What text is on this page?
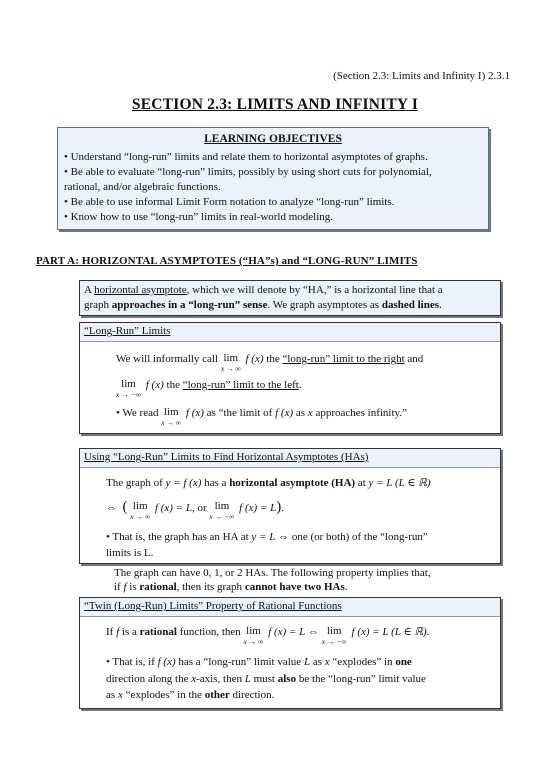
(Section 2.3: Limits and Infinity I) 2.3.1
SECTION 2.3: LIMITS AND INFINITY I
LEARNING OBJECTIVES
• Understand “long-run” limits and relate them to horizontal asymptotes of graphs.
• Be able to evaluate “long-run” limits, possibly by using short cuts for polynomial,
rational, and/or algebraic functions.
• Be able to use informal Limit Form notation to analyze “long-run” limits.
• Know how to use “long-run” limits in real-world modeling.
PART A: HORIZONTAL ASYMPTOTES (“HA”s) and “LONG-RUN” LIMITS
A horizontal asymptote, which we will denote by “HA,” is a horizontal line that a
graph approaches in a “long-run” sense. We graph asymptotes as dashed lines.
“Long-Run” Limits
We will informally call lim
x → ∞
f (x) the “long-run” limit to the right and
lim
x → −∞
f (x) the “long-run” limit to the left.
• We read lim
x → ∞
f (x) as “the limit of f (x) as x approaches infinity.”
Using “Long-Run” Limits to Find Horizontal Asymptotes (HAs)
The graph of y = f (x) has a horizontal asymptote (HA) at y = L (L ∈ ℝ)
⇔ ( lim
x → ∞
f (x) = L, or lim
x → −∞
f (x) = L).
• That is, the graph has an HA at y = L ⇔ one (or both) of the “long-run”
limits is L.
The graph can have 0, 1, or 2 HAs. The following property implies that,
if f is rational, then its graph cannot have two HAs.
“Twin (Long-Run) Limits” Property of Rational Functions
If f is a rational function, then lim
x → ∞
f (x) = L ⇔ lim
x → −∞
f (x) = L (L ∈ ℝ).
• That is, if f (x) has a “long-run” limit value L as x “explodes” in one
direction along the x-axis, then L must also be the “long-run” limit value
as x “explodes” in the other direction.
